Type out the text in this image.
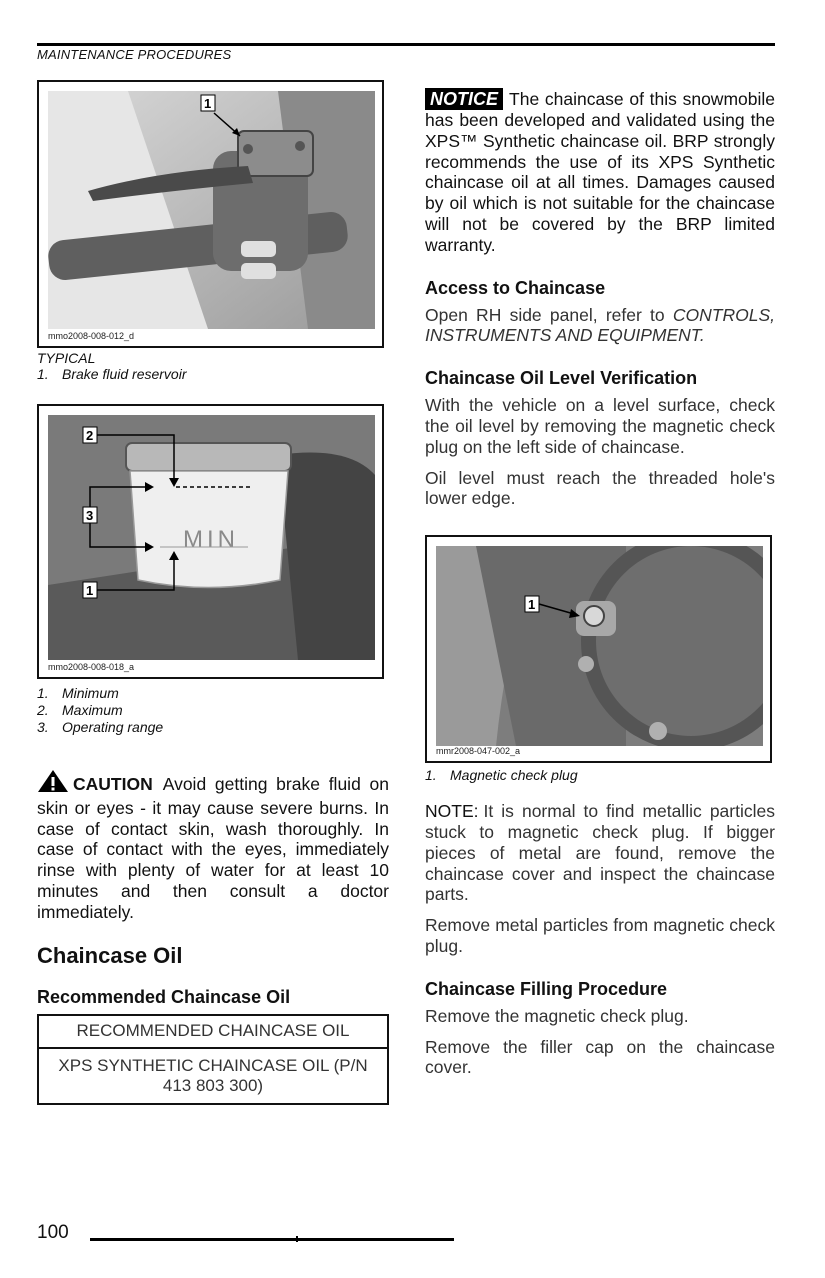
MAINTENANCE PROCEDURES
1
mmo2008-008-012_d
TYPICAL
1. Brake fluid reservoir
MIN
2
3
1
mmo2008-008-018_a
1. Minimum
2. Maximum
3. Operating range
CAUTION Avoid getting brake fluid on skin or eyes - it may cause severe burns. In case of contact skin, wash thoroughly. In case of contact with the eyes, immediately rinse with plenty of water for at least 10 minutes and then consult a doctor immediately.
Chaincase Oil
Recommended Chaincase Oil
RECOMMENDED CHAINCASE OIL
XPS SYNTHETIC CHAINCASE OIL (P/N 413 803 300)
NOTICE The chaincase of this snowmobile has been developed and validated using the XPS™ Synthetic chaincase oil. BRP strongly recommends the use of its XPS Synthetic chaincase oil at all times. Damages caused by oil which is not suitable for the chaincase will not be covered by the BRP limited warranty.
Access to Chaincase
Open RH side panel, refer to CONTROLS, INSTRUMENTS AND EQUIPMENT.
Chaincase Oil Level Verification

With the vehicle on a level surface, check the oil level by removing the magnetic check plug on the left side of chaincase.

Oil level must reach the threaded hole's lower edge.

1
mmr2008-047-002_a
1. Magnetic check plug

NOTE: It is normal to find metallic particles stuck to magnetic check plug. If bigger pieces of metal are found, remove the chaincase cover and inspect the chaincase parts.

Remove metal particles from magnetic check plug.

Chaincase Filling Procedure

Remove the magnetic check plug.

Remove the filler cap on the chaincase cover.

100
